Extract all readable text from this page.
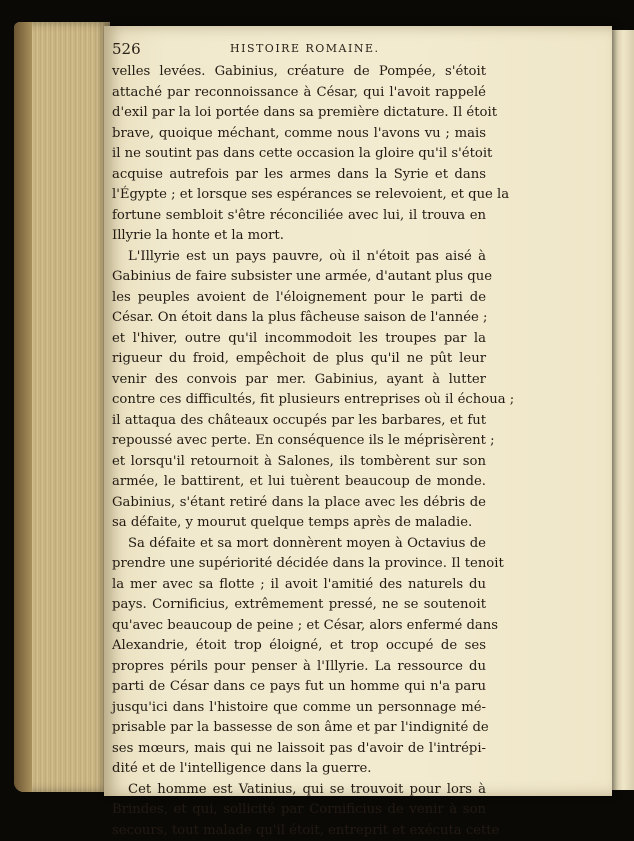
526	HISTOIRE ROMAINE.
velles levées. Gabinius, créature de Pompée, s'étoit
attaché par reconnoissance à César, qui l'avoit rappelé
d'exil par la loi portée dans sa première dictature. Il étoit
brave, quoique méchant, comme nous l'avons vu ; mais
il ne soutint pas dans cette occasion la gloire qu'il s'étoit
acquise autrefois par les armes dans la Syrie et dans
l'Égypte ; et lorsque ses espérances se relevoient, et que la
fortune sembloit s'être réconciliée avec lui, il trouva en
Illyrie la honte et la mort.
L'Illyrie est un pays pauvre, où il n'étoit pas aisé à
Gabinius de faire subsister une armée, d'autant plus que
les peuples avoient de l'éloignement pour le parti de
César. On étoit dans la plus fâcheuse saison de l'année ;
et l'hiver, outre qu'il incommodoit les troupes par la
rigueur du froid, empêchoit de plus qu'il ne pût leur
venir des convois par mer. Gabinius, ayant à lutter
contre ces difficultés, fit plusieurs entreprises où il échoua ;
il attaqua des châteaux occupés par les barbares, et fut
repoussé avec perte. En conséquence ils le méprisèrent ;
et lorsqu'il retournoit à Salones, ils tombèrent sur son
armée, le battirent, et lui tuèrent beaucoup de monde.
Gabinius, s'étant retiré dans la place avec les débris de
sa défaite, y mourut quelque temps après de maladie.
Sa défaite et sa mort donnèrent moyen à Octavius de
prendre une supériorité décidée dans la province. Il tenoit
la mer avec sa flotte ; il avoit l'amitié des naturels du
pays. Cornificius, extrêmement pressé, ne se soutenoit
qu'avec beaucoup de peine ; et César, alors enfermé dans
Alexandrie, étoit trop éloigné, et trop occupé de ses
propres périls pour penser à l'Illyrie. La ressource du
parti de César dans ce pays fut un homme qui n'a paru
jusqu'ici dans l'histoire que comme un personnage mé-
prisable par la bassesse de son âme et par l'indignité de
ses mœurs, mais qui ne laissoit pas d'avoir de l'intrépi-
dité et de l'intelligence dans la guerre.
Cet homme est Vatinius, qui se trouvoit pour lors à
Brindes, et qui, sollicité par Cornificius de venir à son
secours, tout malade qu'il étoit, entreprit et exécuta cette
